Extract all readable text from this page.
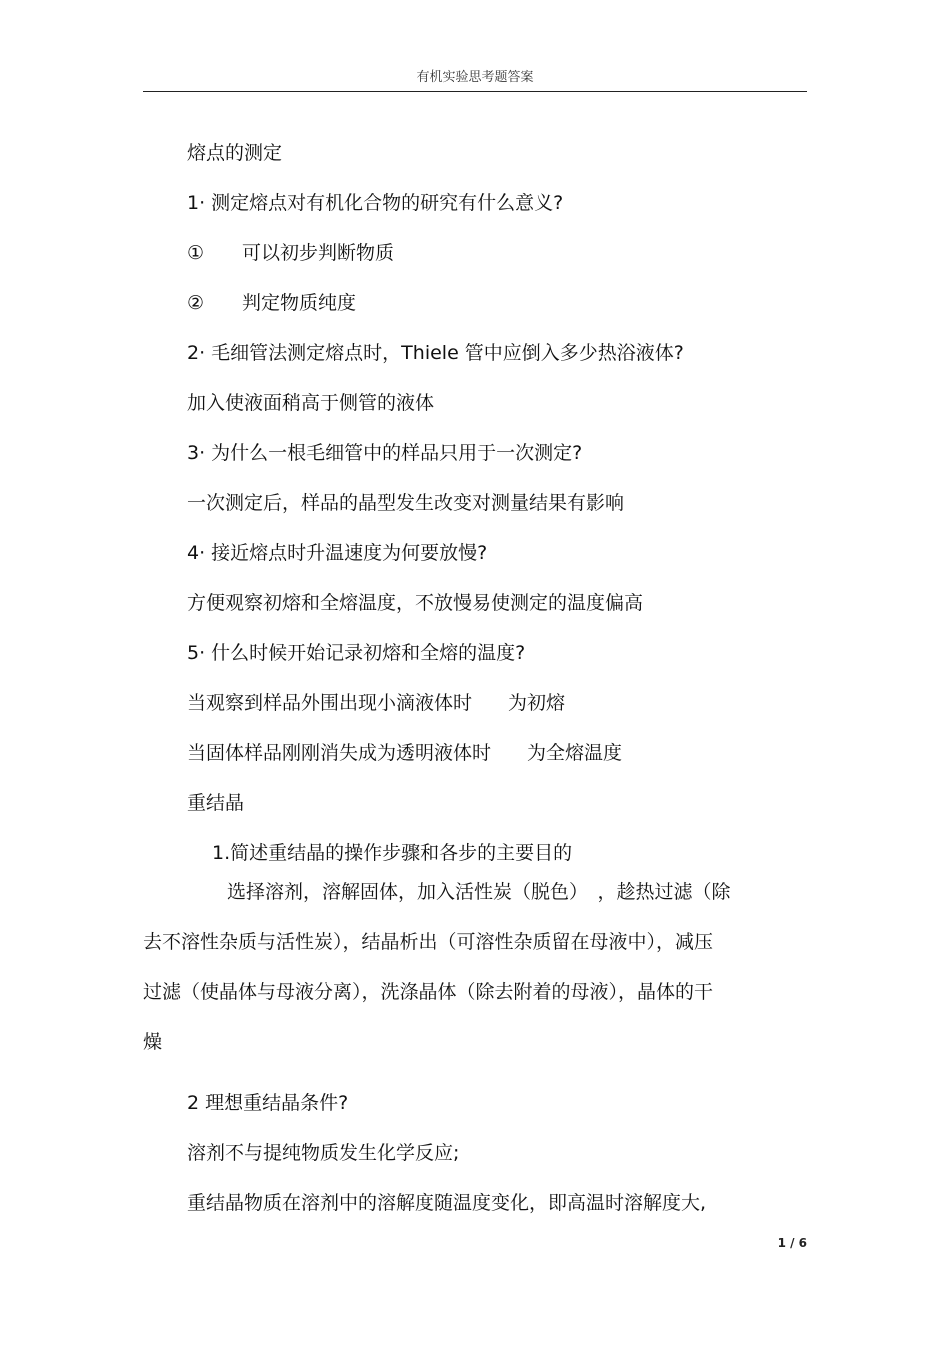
有机实验思考题答案
熔点的测定
1· 测定熔点对有机化合物的研究有什么意义?
①　　可以初步判断物质
②　　判定物质纯度
2· 毛细管法测定熔点时，Thiele 管中应倒入多少热浴液体?
加入使液面稍高于侧管的液体
3· 为什么一根毛细管中的样品只用于一次测定?
一次测定后，样品的晶型发生改变对测量结果有影响
4· 接近熔点时升温速度为何要放慢?
方便观察初熔和全熔温度，不放慢易使测定的温度偏高
5· 什么时候开始记录初熔和全熔的温度?
当观察到样品外围出现小滴液体时 为初熔
当固体样品刚刚消失成为透明液体时 为全熔温度
重结晶
1.简述重结晶的操作步骤和各步的主要目的
选择溶剂，溶解固体，加入活性炭（脱色）　，趁热过滤（除
去不溶性杂质与活性炭），结晶析出（可溶性杂质留在母液中），减压
过滤（使晶体与母液分离），洗涤晶体（除去附着的母液），晶体的干
燥
2 理想重结晶条件?
溶剂不与提纯物质发生化学反应;
重结晶物质在溶剂中的溶解度随温度变化，即高温时溶解度大,
1 / 6
